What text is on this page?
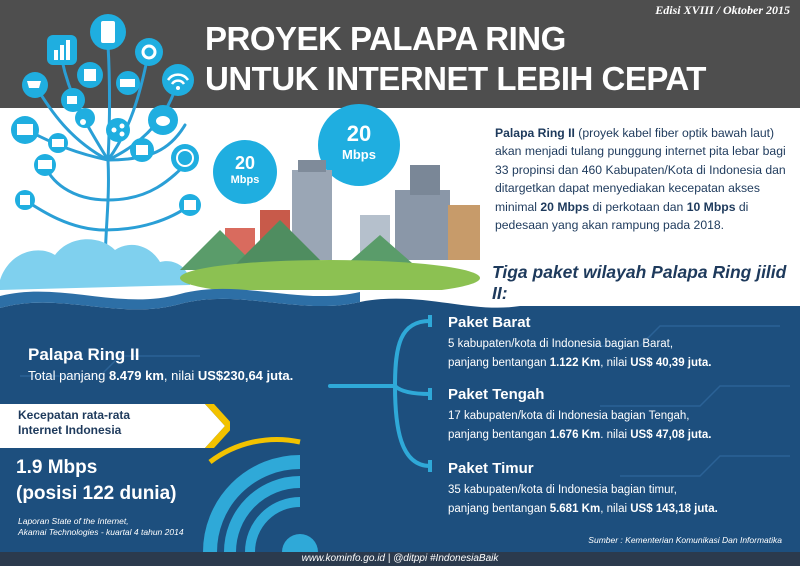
Edisi XVIII / Oktober 2015
PROYEK PALAPA RING
UNTUK INTERNET LEBIH CEPAT
20
Mbps
20
Mbps
Palapa Ring II (proyek kabel fiber optik bawah laut) akan menjadi tulang punggung internet pita lebar bagi 33 propinsi dan 460 Kabupaten/Kota di Indonesia dan ditargetkan dapat menyediakan kecepatan akses minimal 20 Mbps di perkotaan dan 10 Mbps di pedesaan yang akan rampung pada 2018.
Tiga paket wilayah Palapa Ring jilid II:
Palapa Ring II
Total panjang 8.479 km, nilai US$230,64 juta.
Kecepatan rata-rata
Internet Indonesia
1.9 Mbps
(posisi 122 dunia)
Laporan State of the Internet,
Akamai Technologies - kuartal 4 tahun 2014
Paket Barat
5 kabupaten/kota di Indonesia bagian Barat,
panjang bentangan 1.122 Km, nilai US$ 40,39 juta.
Paket Tengah
17 kabupaten/kota di Indonesia bagian Tengah,
panjang bentangan 1.676 Km. nilai US$ 47,08 juta.
Paket Timur
35 kabupaten/kota di Indonesia bagian timur,
panjang bentangan 5.681 Km, nilai US$ 143,18 juta.
Sumber : Kementerian Komunikasi Dan Informatika
www.kominfo.go.id | @ditppi #IndonesiaBaik
